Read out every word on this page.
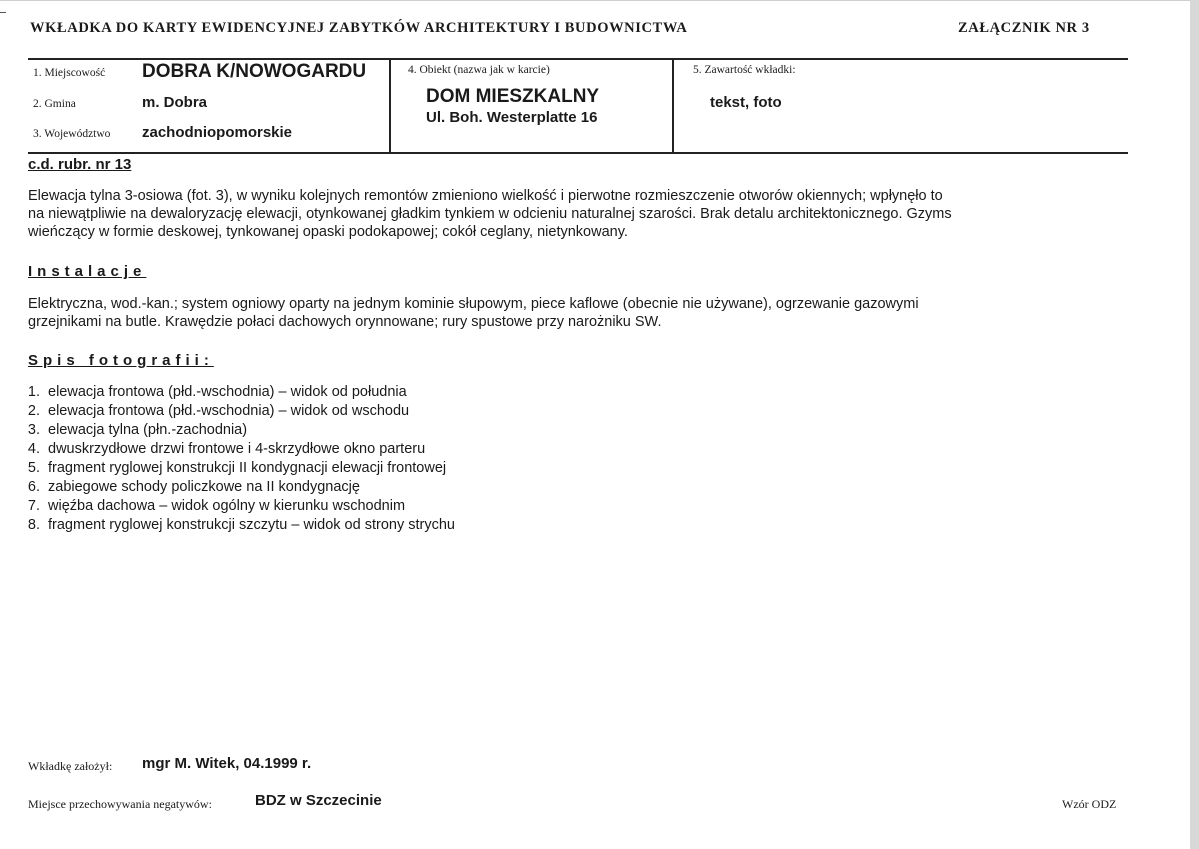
WKŁADKA DO KARTY EWIDENCYJNEJ ZABYTKÓW ARCHITEKTURY I BUDOWNICTWA	ZAŁĄCZNIK NR 3
1. Miejscowość DOBRA K/NOWOGARDU
2. Gmina	m. Dobra
3. Województwo zachodniopomorskie
4. Obiekt (nazwa jak w karcie)
DOM MIESZKALNY
Ul. Boh. Westerplatte 16
5. Zawartość wkładki:
tekst, foto
c.d. rubr. nr 13
Elewacja tylna 3-osiowa (fot. 3), w wyniku kolejnych remontów zmieniono wielkość i pierwotne rozmieszczenie otworów okiennych; wpłynęło to
na niewątpliwie na dewaloryzację elewacji, otynkowanej gładkim tynkiem w odcieniu naturalnej szarości. Brak detalu architektonicznego. Gzyms
wieńczący w formie deskowej, tynkowanej opaski podokapowej; cokół ceglany, nietynkowany.
Instalacje
Elektryczna, wod.-kan.; system ogniowy oparty na jednym kominie słupowym, piece kaflowe (obecnie nie używane), ogrzewanie gazowymi
grzejnikami na butle. Krawędzie połaci dachowych orynnowane; rury spustowe przy narożniku SW.
Spis fotografii:
1. elewacja frontowa (płd.-wschodnia) – widok od południa
2. elewacja frontowa (płd.-wschodnia) – widok od wschodu
3. elewacja tylna (płn.-zachodnia)
4. dwuskrzydłowe drzwi frontowe i 4-skrzydłowe okno parteru
5. fragment ryglowej konstrukcji II kondygnacji elewacji frontowej
6. zabiegowe schody policzkowe na II kondygnację
7. więźba dachowa – widok ogólny w kierunku wschodnim
8. fragment ryglowej konstrukcji szczytu – widok od strony strychu
Wkładkę założył: mgr M. Witek, 04.1999 r.
Miejsce przechowywania negatywów:	BDZ w Szczecinie	Wzór ODZ
